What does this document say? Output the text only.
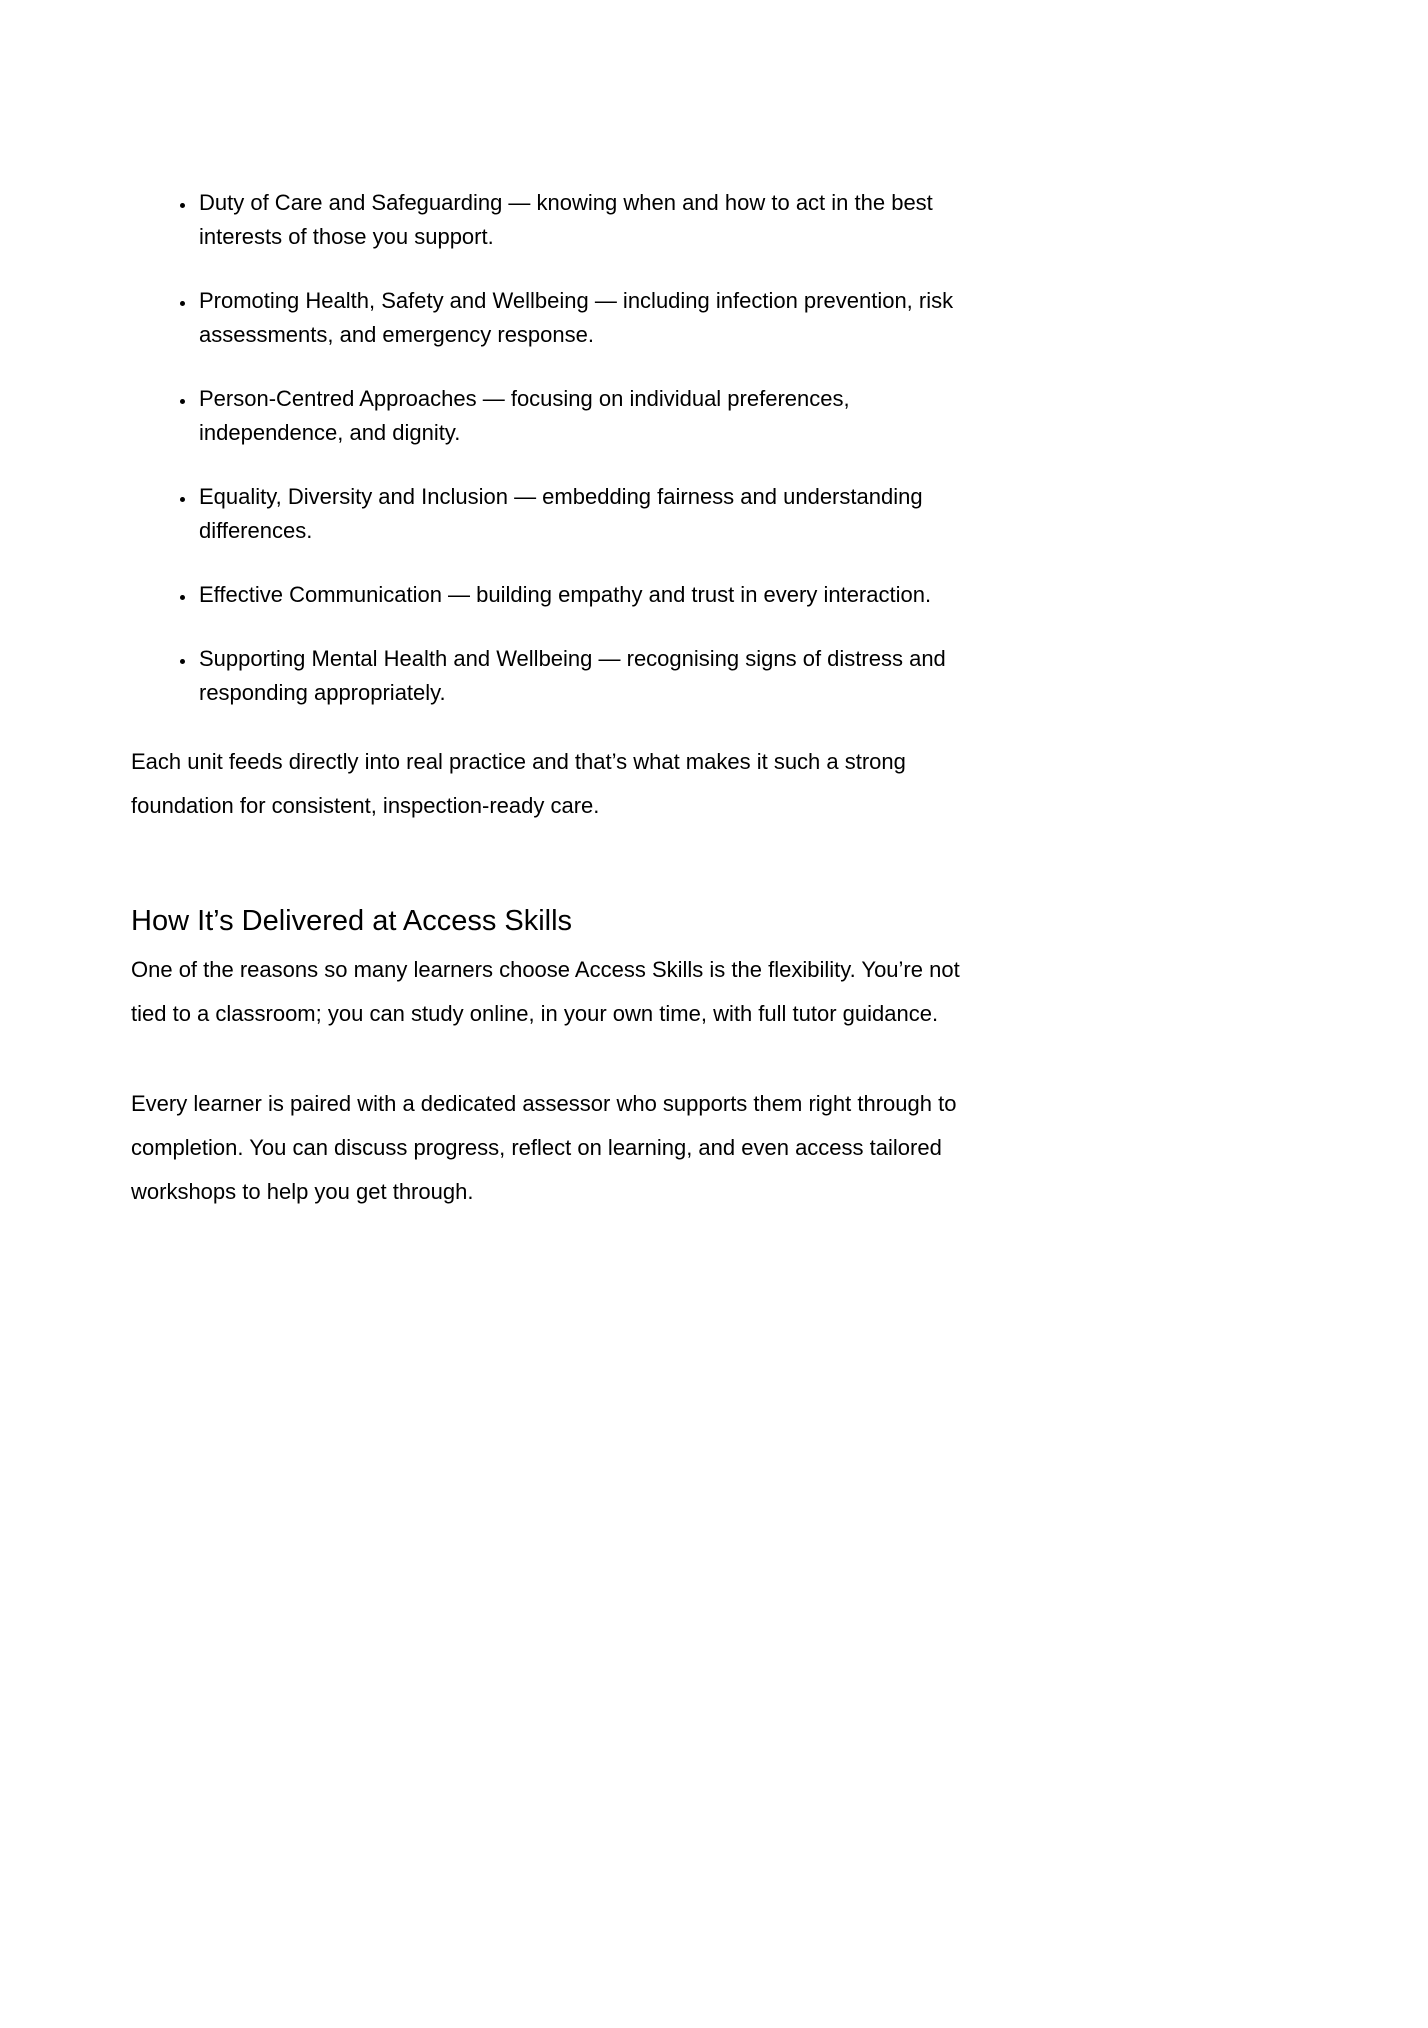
• Duty of Care and Safeguarding — knowing when and how to act in the best interests of those you support.
• Promoting Health, Safety and Wellbeing — including infection prevention, risk assessments, and emergency response.
• Person-Centred Approaches — focusing on individual preferences, independence, and dignity.
• Equality, Diversity and Inclusion — embedding fairness and understanding differences.
• Effective Communication — building empathy and trust in every interaction.
• Supporting Mental Health and Wellbeing — recognising signs of distress and responding appropriately.

Each unit feeds directly into real practice and that’s what makes it such a strong foundation for consistent, inspection-ready care.

How It’s Delivered at Access Skills

One of the reasons so many learners choose Access Skills is the flexibility. You’re not tied to a classroom; you can study online, in your own time, with full tutor guidance.

Every learner is paired with a dedicated assessor who supports them right through to completion. You can discuss progress, reflect on learning, and even access tailored workshops to help you get through.
